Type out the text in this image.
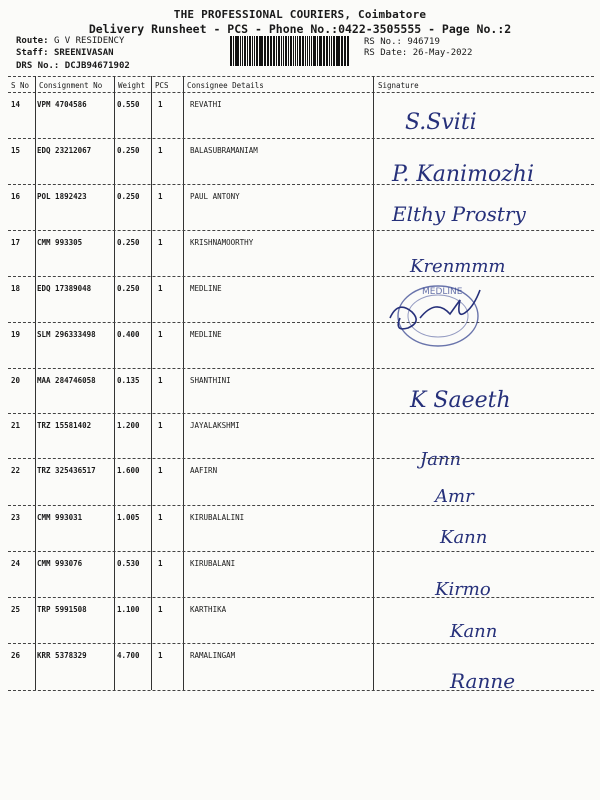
THE PROFESSIONAL COURIERS, Coimbatore
Delivery Runsheet - PCS - Phone No.:0422-3505555 - Page No.:2
Route: G V RESIDENCY
Staff: SREENIVASAN
DRS No.: DCJB94671902
RS No.: 946719
RS Date: 26-May-2022
S No Consignment No Weight PCS Consignee Details	Signature
14 VPM 4704586	0.550 1	REVATHI
S.Sviti
15 EDQ 23212067	0.250 1	BALASUBRAMANIAM
P. Kanimozhi
16 POL 1892423	0.250 1	PAUL ANTONY
Elthy Prostry
17 CMM 993305	0.250 1	KRISHNAMOORTHY
Krenmmm
18 EDQ 17389048	0.250 1	MEDLINE
19 SLM 296333498	0.400 1	MEDLINE
20 MAA 284746058	0.135 1	SHANTHINI
K Saeeth
21 TRZ 15581402	1.200 1	JAYALAKSHMI
Jann
22 TRZ 325436517	1.600 1	AAFIRN
Amr
23 CMM 993031	1.005 1	KIRUBALALINI
Kann
24 CMM 993076	0.530 1	KIRUBALANI
Kirmo
25 TRP 5991508	1.100 1	KARTHIKA
Kann
26 KRR 5378329	4.700 1	RAMALINGAM
Ranne
MEDLINE
